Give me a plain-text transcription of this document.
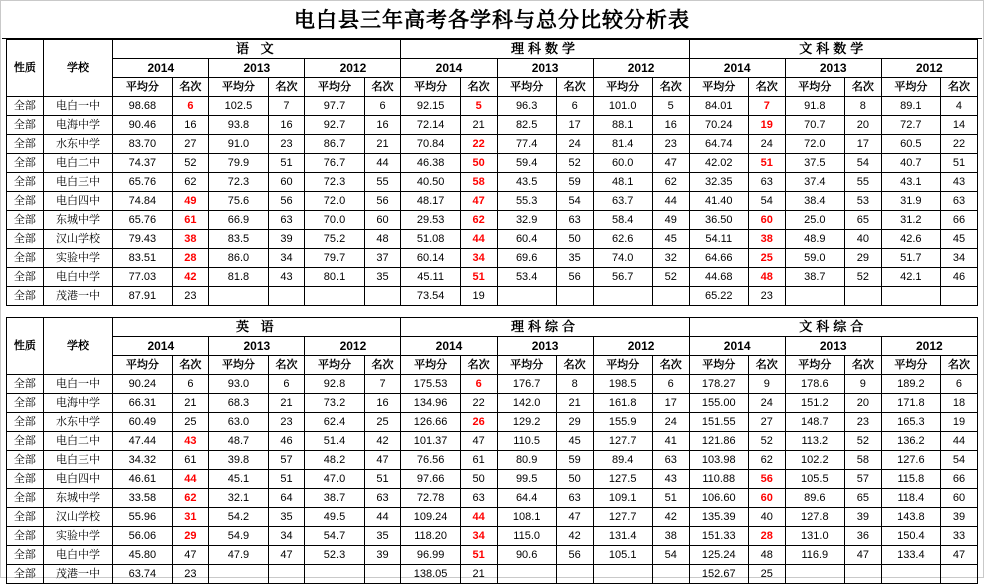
电白县三年高考各学科与总分比较分析表
性质	学校	语 文						理科数学						文科数学					
		2014		2013		2012		2014		2013		2012		2014		2013		2012	
		平均分	名次	平均分	名次	平均分	名次	平均分	名次	平均分	名次	平均分	名次	平均分	名次	平均分	名次	平均分	名次
全部	电白一中	98.68	6	102.5	7	97.7	6	92.15	5	96.3	6	101.0	5	84.01	7	91.8	8	89.1	4
全部	电海中学	90.46	16	93.8	16	92.7	16	72.14	21	82.5	17	88.1	16	70.24	19	70.7	20	72.7	14
全部	水东中学	83.70	27	91.0	23	86.7	21	70.84	22	77.4	24	81.4	23	64.74	24	72.0	17	60.5	22
全部	电白二中	74.37	52	79.9	51	76.7	44	46.38	50	59.4	52	60.0	47	42.02	51	37.5	54	40.7	51
全部	电白三中	65.76	62	72.3	60	72.3	55	40.50	58	43.5	59	48.1	62	32.35	63	37.4	55	43.1	43
全部	电白四中	74.84	49	75.6	56	72.0	56	48.17	47	55.3	54	63.7	44	41.40	54	38.4	53	31.9	63
全部	东城中学	65.76	61	66.9	63	70.0	60	29.53	62	32.9	63	58.4	49	36.50	60	25.0	65	31.2	66
全部	汉山学校	79.43	38	83.5	39	75.2	48	51.08	44	60.4	50	62.6	45	54.11	38	48.9	40	42.6	45
全部	实验中学	83.51	28	86.0	34	79.7	37	60.14	34	69.6	35	74.0	32	64.66	25	59.0	29	51.7	34
全部	电白中学	77.03	42	81.8	43	80.1	35	45.11	51	53.4	56	56.7	52	44.68	48	38.7	52	42.1	46
全部	茂港一中	87.91	23					73.54	19					65.22	23				
性质	学校	英 语						理科综合						文科综合					
		2014		2013		2012		2014		2013		2012		2014		2013		2012	
		平均分	名次	平均分	名次	平均分	名次	平均分	名次	平均分	名次	平均分	名次	平均分	名次	平均分	名次	平均分	名次
全部	电白一中	90.24	6	93.0	6	92.8	7	175.53	6	176.7	8	198.5	6	178.27	9	178.6	9	189.2	6
全部	电海中学	66.31	21	68.3	21	73.2	16	134.96	22	142.0	21	161.8	17	155.00	24	151.2	20	171.8	18
全部	水东中学	60.49	25	63.0	23	62.4	25	126.66	26	129.2	29	155.9	24	151.55	27	148.7	23	165.3	19
全部	电白二中	47.44	43	48.7	46	51.4	42	101.37	47	110.5	45	127.7	41	121.86	52	113.2	52	136.2	44
全部	电白三中	34.32	61	39.8	57	48.2	47	76.56	61	80.9	59	89.4	63	103.98	62	102.2	58	127.6	54
全部	电白四中	46.61	44	45.1	51	47.0	51	97.66	50	99.5	50	127.5	43	110.88	56	105.5	57	115.8	66
全部	东城中学	33.58	62	32.1	64	38.7	63	72.78	63	64.4	63	109.1	51	106.60	60	89.6	65	118.4	60
全部	汉山学校	55.96	31	54.2	35	49.5	44	109.24	44	108.1	47	127.7	42	135.39	40	127.8	39	143.8	39
全部	实验中学	56.06	29	54.9	34	54.7	35	118.20	34	115.0	42	131.4	38	151.33	28	131.0	36	150.4	33
全部	电白中学	45.80	47	47.9	47	52.3	39	96.99	51	90.6	56	105.1	54	125.24	48	116.9	47	133.4	47
全部	茂港一中	63.74	23					138.05	21					152.67	25				
